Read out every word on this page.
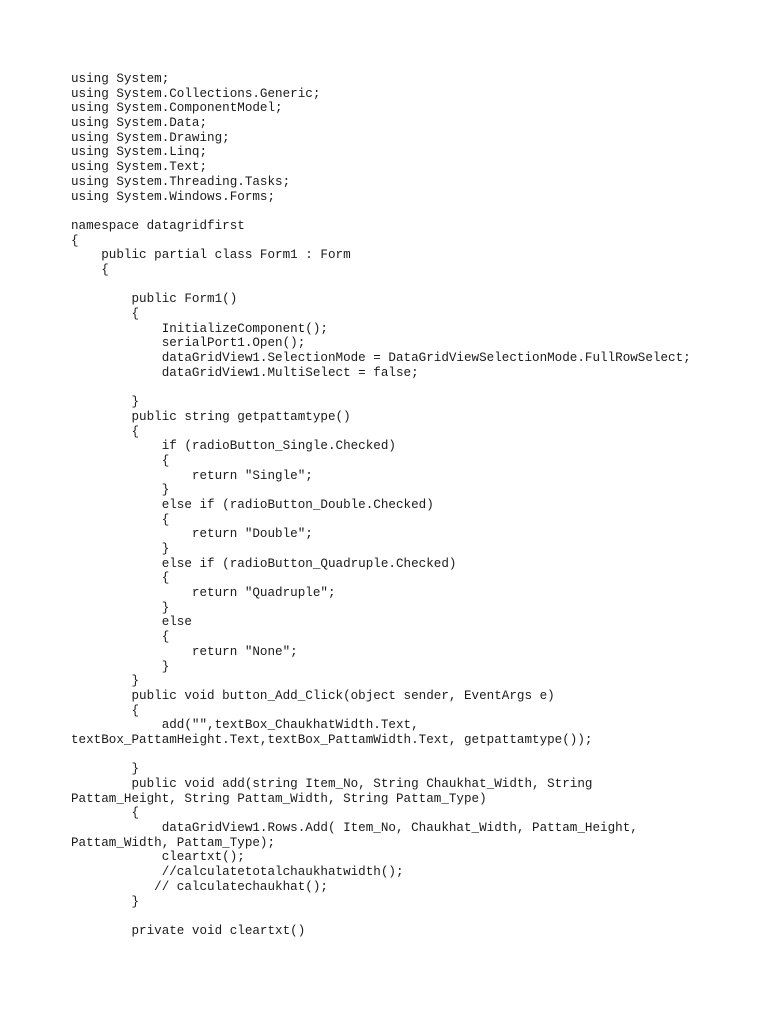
using System;
using System.Collections.Generic;
using System.ComponentModel;
using System.Data;
using System.Drawing;
using System.Linq;
using System.Text;
using System.Threading.Tasks;
using System.Windows.Forms;
namespace datagridfirst
{
public partial class Form1 : Form
{
public Form1()
{
InitializeComponent();
serialPort1.Open();
dataGridView1.SelectionMode = DataGridViewSelectionMode.FullRowSelect;
dataGridView1.MultiSelect = false;
}
public string getpattamtype()
{
if (radioButton_Single.Checked)
{
return "Single";
}
else if (radioButton_Double.Checked)
{
return "Double";
}
else if (radioButton_Quadruple.Checked)
{
return "Quadruple";
}
else
{
return "None";
}
}
public void button_Add_Click(object sender, EventArgs e)
{
add("",textBox_ChaukhatWidth.Text,
textBox_PattamHeight.Text,textBox_PattamWidth.Text, getpattamtype());
}
public void add(string Item_No, String Chaukhat_Width, String
Pattam_Height, String Pattam_Width, String Pattam_Type)
{
dataGridView1.Rows.Add( Item_No, Chaukhat_Width, Pattam_Height,
Pattam_Width, Pattam_Type);
cleartxt();
//calculatetotalchaukhatwidth();
// calculatechaukhat();
}
private void cleartxt()
